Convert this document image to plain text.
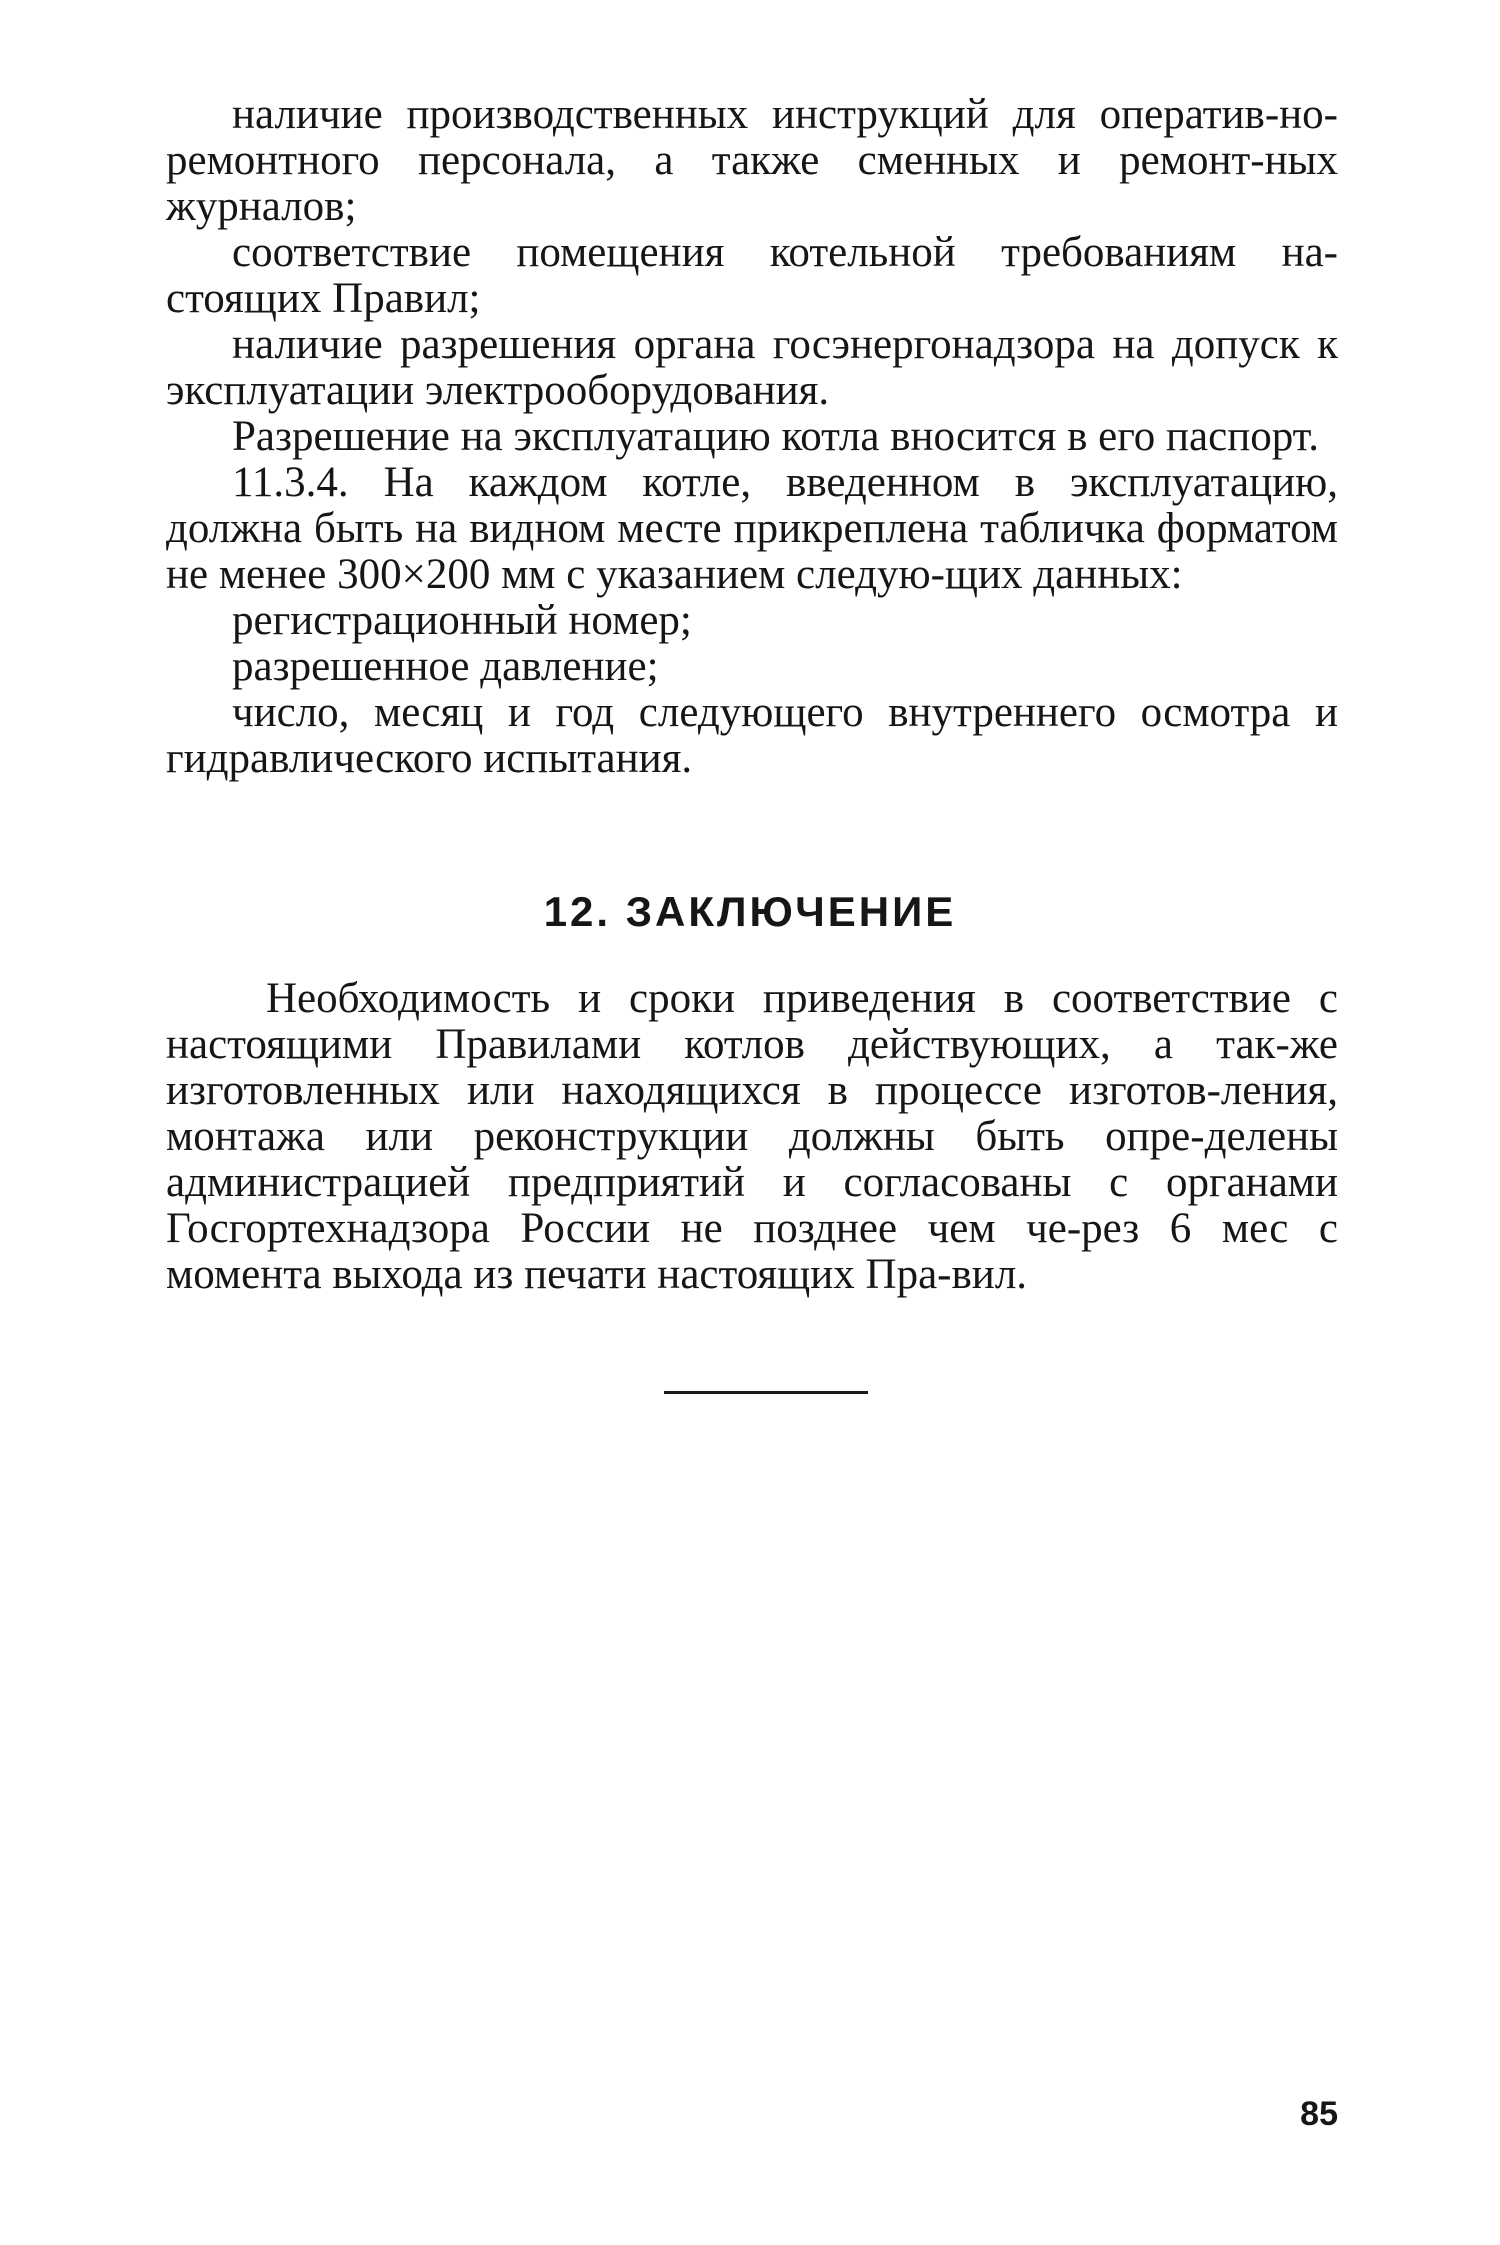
наличие производственных инструкций для оператив-но-ремонтного персонала, а также сменных и ремонт-ных журналов;

соответствие помещения котельной требованиям на-стоящих Правил;

наличие разрешения органа госэнергонадзора на допуск к эксплуатации электрооборудования.

Разрешение на эксплуатацию котла вносится в его паспорт.

11.3.4. На каждом котле, введенном в эксплуатацию, должна быть на видном месте прикреплена табличка форматом не менее 300×200 мм с указанием следую-щих данных:

регистрационный номер;

разрешенное давление;

число, месяц и год следующего внутреннего осмотра и гидравлического испытания.

12. ЗАКЛЮЧЕНИЕ

Необходимость и сроки приведения в соответствие с настоящими Правилами котлов действующих, а так-же изготовленных или находящихся в процессе изготов-ления, монтажа или реконструкции должны быть опре-делены администрацией предприятий и согласованы с органами Госгортехнадзора России не позднее чем че-рез 6 мес с момента выхода из печати настоящих Пра-вил.

85
